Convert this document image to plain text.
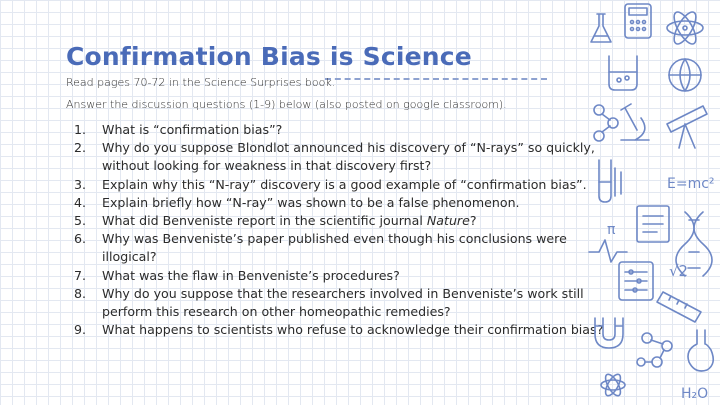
Confirmation Bias is Science

Read pages 70-72 in the Science Surprises book.

Answer the discussion questions (1-9) below (also posted on google classroom).

1. What is “confirmation bias”?
2. Why do you suppose Blondlot announced his discovery of “N-rays” so quickly, without looking for weakness in that discovery first?
3. Explain why this “N-ray” discovery is a good example of “confirmation bias”.
4. Explain briefly how “N-ray” was shown to be a false phenomenon.
5. What did Benveniste report in the scientific journal Nature?
6. Why was Benveniste’s paper published even though his conclusions were illogical?
7. What was the flaw in Benveniste’s procedures?
8. Why do you suppose that the researchers involved in Benveniste’s work still perform this research on other homeopathic remedies?
9. What happens to scientists who refuse to acknowledge their confirmation bias?
E=mc²
π
√2
H₂O
